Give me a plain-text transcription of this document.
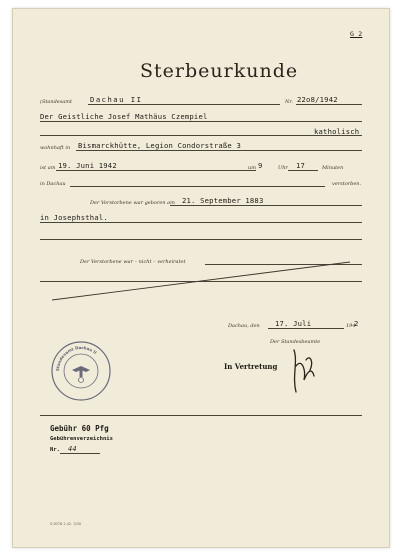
G 2
Sterbeurkunde
(Standesamt Dachau II	Nr. 22o8/1942
Der Geistliche Josef Mathäus Czempiel
katholisch
wohnhaft in Bismarckhütte, Legion Condorstraße 3
ist am 19. Juni 1942	um 9	Uhr 17	Minuten
in Dachau	verstorben.
Der Verstorbene war geboren am 21. September 1883
in Josephsthal.
Der Verstorbene war – nicht – verheiratet
Dachau, den 17. Juli	194
2
Der Standesbeamte
In Vertretung
Standesamt Dachau II
Gebühr 60 Pfg
Gebührenverzeichnis
Nr. 44
S.0078 2.42. 3/30
